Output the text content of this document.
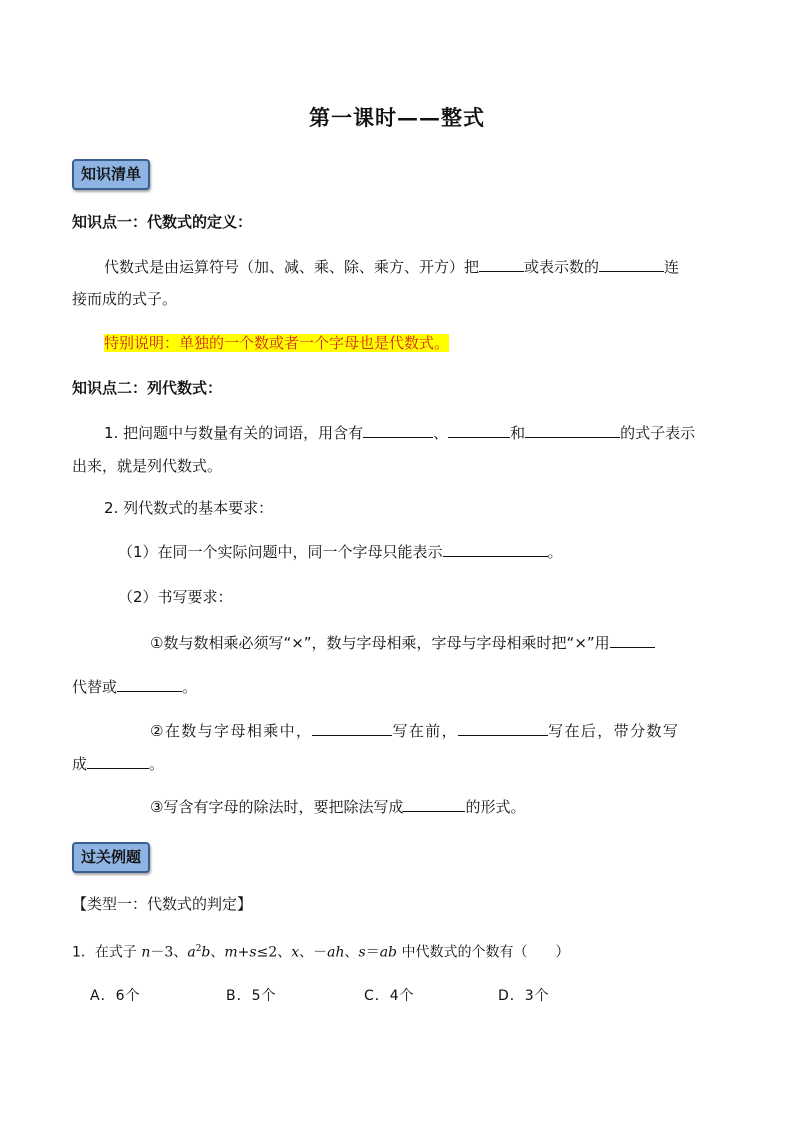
第一课时——整式
知识清单
知识点一：代数式的定义：
代数式是由运算符号（加、减、乘、除、乘方、开方）把	或表示数的	连
接而成的式子。
特别说明：单独的一个数或者一个字母也是代数式。
知识点二：列代数式：
1. 把问题中与数量有关的词语，用含有	、	和	的式子表示
出来，就是列代数式。
2. 列代数式的基本要求：
（1）在同一个实际问题中，同一个字母只能表示	。
（2）书写要求：
①数与数相乘必须写“×”，数与字母相乘，字母与字母相乘时把“×”用
代替或	。
②在数与字母相乘中，	写在前，	写在后，带分数写
成	。
③写含有字母的除法时，要把除法写成	的形式。
过关例题
【类型一：代数式的判定】
1．在式子 n－3、$a^2b$、m+s≤2、x、－ah、s＝ab 中代数式的个数有（　　）
A．6个	B．5个	C．4个	D．3个
